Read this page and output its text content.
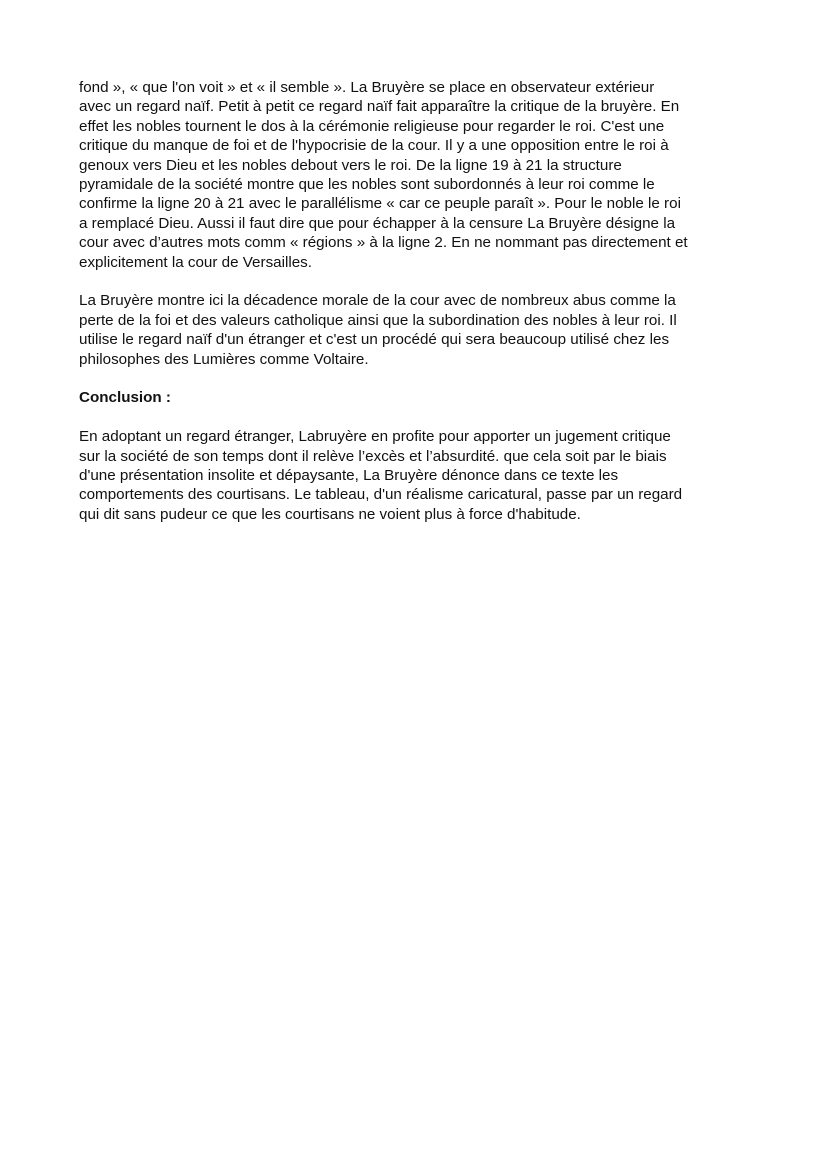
fond », « que l'on voit » et « il semble ». La Bruyère se place en observateur extérieur
avec un regard naïf. Petit à petit ce regard naïf fait apparaître la critique de la bruyère. En
effet les nobles tournent le dos à la cérémonie religieuse pour regarder le roi. C'est une
critique du manque de foi et de l'hypocrisie de la cour. Il y a une opposition entre le roi à
genoux vers Dieu et les nobles debout vers le roi. De la ligne 19 à 21 la structure
pyramidale de la société montre que les nobles sont subordonnés à leur roi comme le
confirme la ligne 20 à 21 avec le parallélisme « car ce peuple paraît ». Pour le noble le roi
a remplacé Dieu. Aussi il faut dire que pour échapper à la censure La Bruyère désigne la
cour avec d’autres mots comm « régions » à la ligne 2. En ne nommant pas directement et
explicitement la cour de Versailles.
La Bruyère montre ici la décadence morale de la cour avec de nombreux abus comme la
perte de la foi et des valeurs catholique ainsi que la subordination des nobles à leur roi. Il
utilise le regard naïf d'un étranger et c'est un procédé qui sera beaucoup utilisé chez les
philosophes des Lumières comme Voltaire.
Conclusion :
En adoptant un regard étranger, Labruyère en profite pour apporter un jugement critique
sur la société de son temps dont il relève l’excès et l’absurdité. que cela soit par le biais
d'une présentation insolite et dépaysante, La Bruyère dénonce dans ce texte les
comportements des courtisans. Le tableau, d'un réalisme caricatural, passe par un regard
qui dit sans pudeur ce que les courtisans ne voient plus à force d'habitude.
